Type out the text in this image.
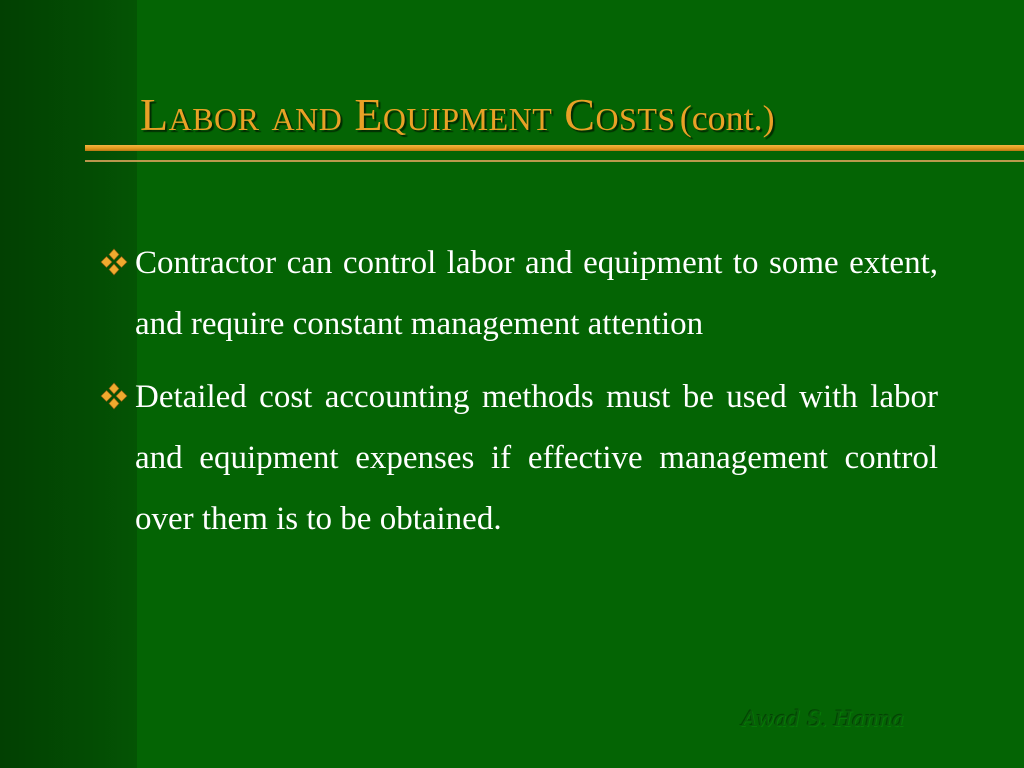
Labor and Equipment Costs (cont.)
Contractor can control labor and equipment to some extent, and require constant management attention
Detailed cost accounting methods must be used with labor and equipment expenses if effective management control over them is to be obtained.
Awad S. Hanna
